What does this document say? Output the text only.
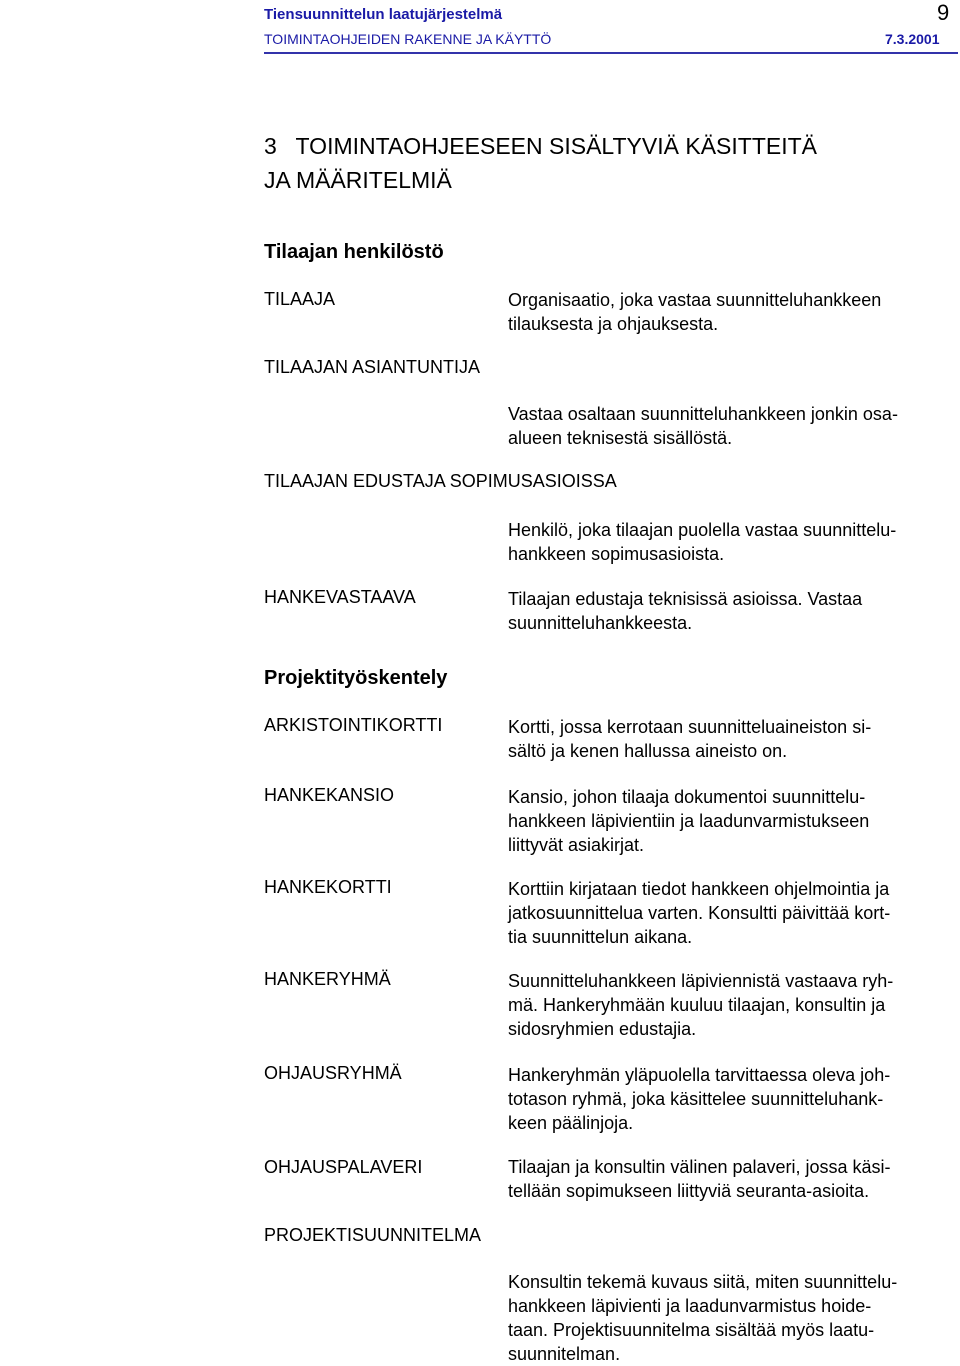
Tiensuunnittelun laatujärjestelmä	9
TOIMINTAOHJEIDEN RAKENNE JA KÄYTTÖ	7.3.2001
3   TOIMINTAOHJEESEEN SISÄLTYVIÄ KÄSITTEITÄ
JA MÄÄRITELMIÄ
Tilaajan henkilöstö
TILAAJA	Organisaatio, joka vastaa suunnitteluhankkeen
tilauksesta ja ohjauksesta.
TILAAJAN ASIANTUNTIJA
Vastaa osaltaan suunnitteluhankkeen jonkin osa-
alueen teknisestä sisällöstä.
TILAAJAN EDUSTAJA SOPIMUSASIOISSA
Henkilö, joka tilaajan puolella vastaa suunnittelu-
hankkeen sopimusasioista.
HANKEVASTAAVA	Tilaajan edustaja teknisissä asioissa. Vastaa
suunnitteluhankkeesta.
Projektityöskentely
ARKISTOINTIKORTTI	Kortti, jossa kerrotaan suunnitteluaineiston si-
sältö ja kenen hallussa aineisto on.
HANKEKANSIO	Kansio, johon tilaaja dokumentoi suunnittelu-
hankkeen läpivientiin ja laadunvarmistukseen
liittyvät asiakirjat.
HANKEKORTTI	Korttiin kirjataan tiedot hankkeen ohjelmointia ja
jatkosuunnittelua varten. Konsultti päivittää kort-
tia suunnittelun aikana.
HANKERYHMÄ	Suunnitteluhankkeen läpiviennistä vastaava ryh-
mä. Hankeryhmään kuuluu tilaajan, konsultin ja
sidosryhmien edustajia.
OHJAUSRYHMÄ	Hankeryhmän yläpuolella tarvittaessa oleva joh-
totason ryhmä, joka käsittelee suunnitteluhank-
keen päälinjoja.
OHJAUSPALAVERI	Tilaajan ja konsultin välinen palaveri, jossa käsi-
tellään sopimukseen liittyviä seuranta-asioita.
PROJEKTISUUNNITELMA
Konsultin tekemä kuvaus siitä, miten suunnittelu-
hankkeen läpivienti ja laadunvarmistus hoide-
taan. Projektisuunnitelma sisältää myös laatu-
suunnitelman.
